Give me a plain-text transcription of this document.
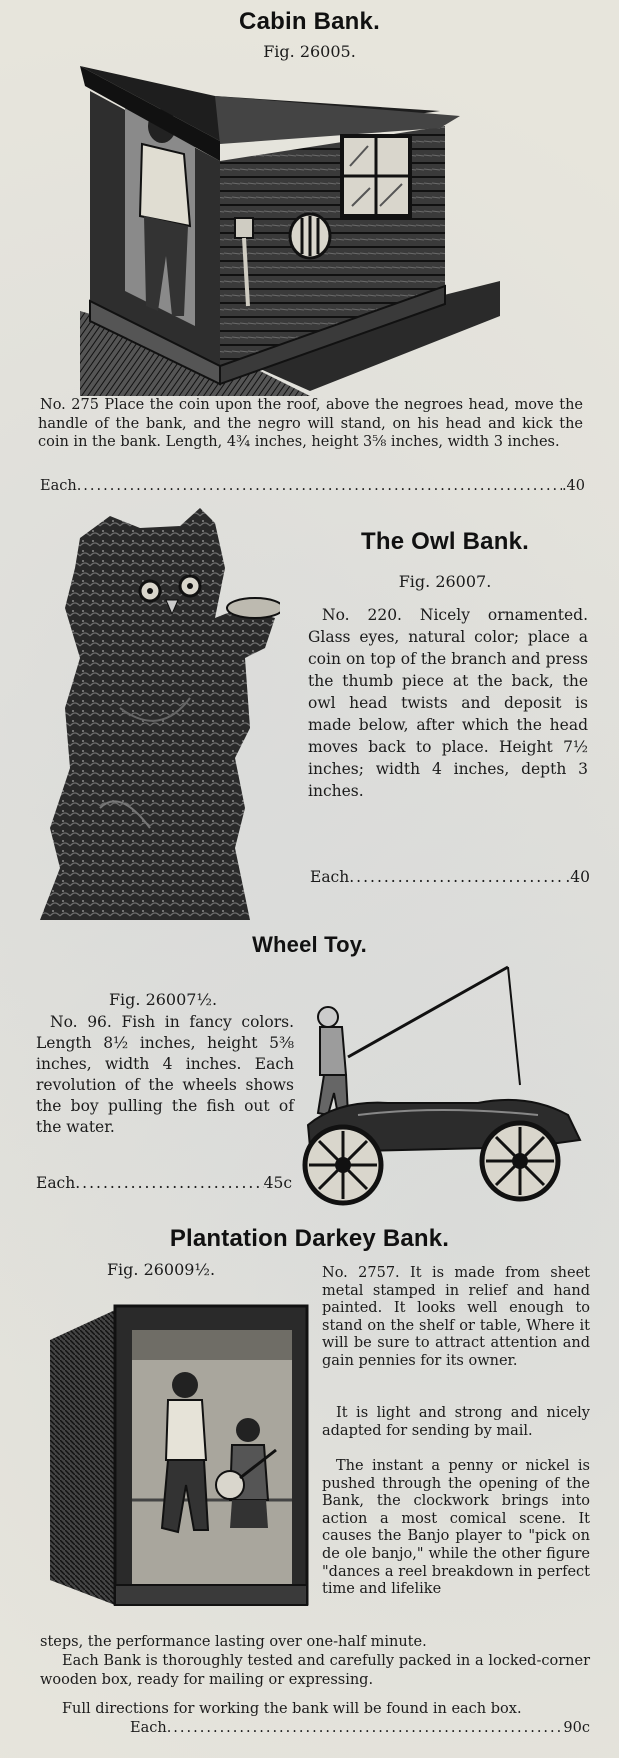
Cabin Bank.
Fig. 26005.
No. 275 Place the coin upon the roof, above the negroes head, move the handle of the bank, and the negro will stand, on his head and kick the coin in the bank. Length, 4¾ inches, height 3⅝ inches, width 3 inches.
Each .....	.40
The Owl Bank.
Fig. 26007.
No. 220. Nicely ornamented. Glass eyes, natural color; place a coin on top of the branch and press the thumb piece at the back, the owl head twists and deposit is made below, after which the head moves back to place. Height 7½ inches; width 4 inches, depth 3 inches.
Each .....	.40
Wheel Toy.
Fig. 26007½.
No. 96. Fish in fancy colors. Length 8½ inches, height 5⅜ inches, width 4 inches. Each revolution of the wheels shows the boy pulling the fish out of the water.
Each .....	45c
Plantation Darkey Bank.
Fig. 26009½.	No. 2757. It is made from sheet metal stamped in relief and hand painted. It looks well enough to stand on the shelf or table, Where it will be sure to attract attention and gain pennies for its owner.
It is light and strong and nicely adapted for sending by mail.
The instant a penny or nickel is pushed through the opening of the Bank, the clockwork brings into action a most comical scene. It causes the Banjo player to "pick on de ole banjo," while the other figure "dances a reel breakdown in perfect time and lifelike
steps, the performance lasting over one-half minute.
Each Bank is thoroughly tested and carefully packed in a locked-corner wooden box, ready for mailing or expressing.
Full directions for working the bank will be found in each box.
Each .....	90c
